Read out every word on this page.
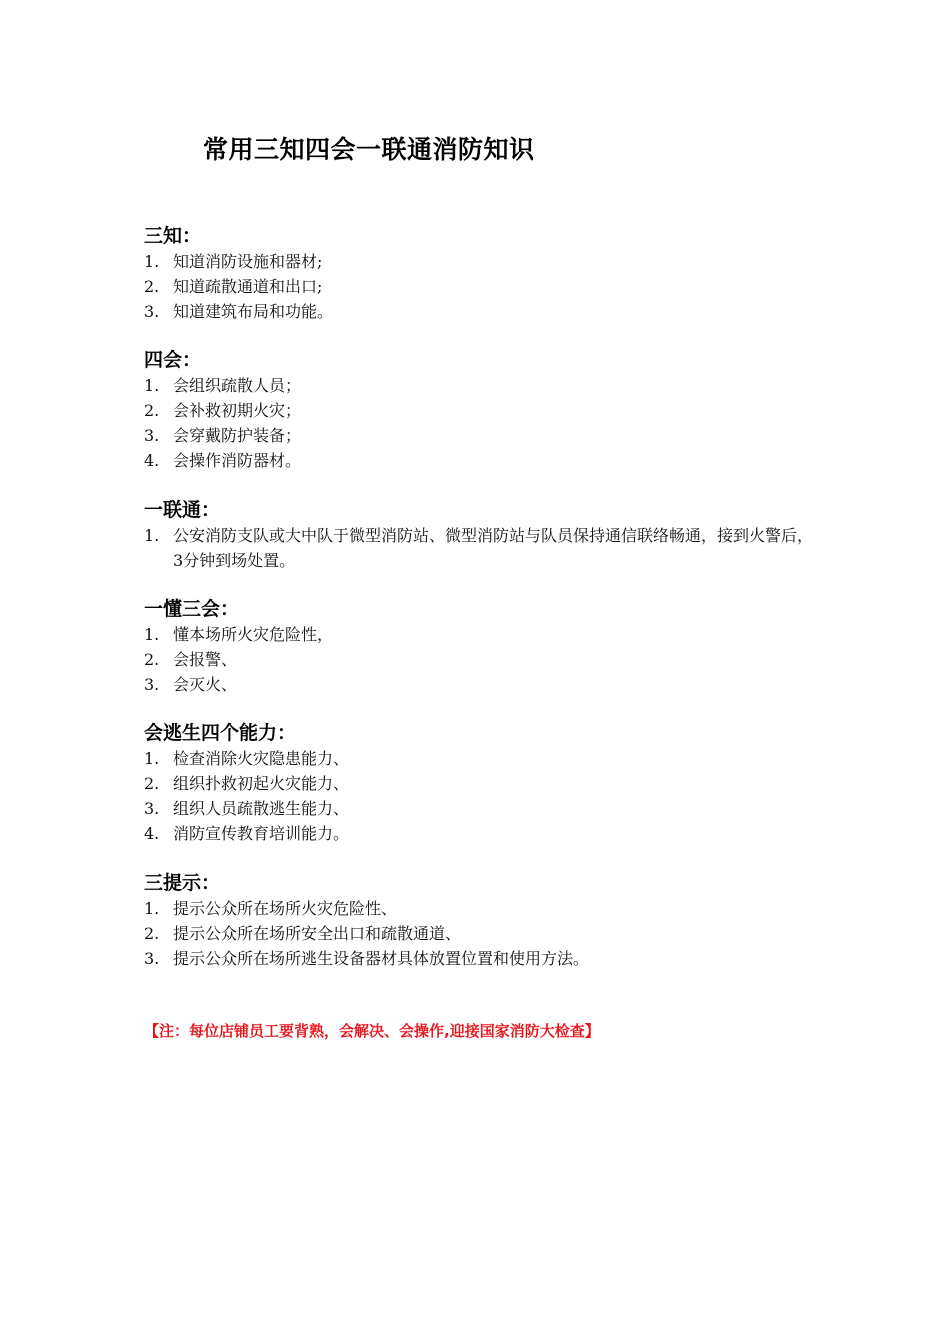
常用三知四会一联通消防知识
三知：
1. 知道消防设施和器材;
2. 知道疏散通道和出口;
3. 知道建筑布局和功能。
四会：
1. 会组织疏散人员；
2. 会补救初期火灾；
3. 会穿戴防护装备；
4. 会操作消防器材。
一联通：
1. 公安消防支队或大中队于微型消防站、微型消防站与队员保持通信联络畅通，接到火警后，3分钟到场处置。
一懂三会：
1. 懂本场所火灾危险性，
2. 会报警、
3. 会灭火、
会逃生四个能力：
1. 检查消除火灾隐患能力、
2. 组织扑救初起火灾能力、
3. 组织人员疏散逃生能力、
4. 消防宣传教育培训能力。
三提示：
1. 提示公众所在场所火灾危险性、
2. 提示公众所在场所安全出口和疏散通道、
3. 提示公众所在场所逃生设备器材具体放置位置和使用方法。
【注：每位店铺员工要背熟，会解决、会操作,迎接国家消防大检查】
